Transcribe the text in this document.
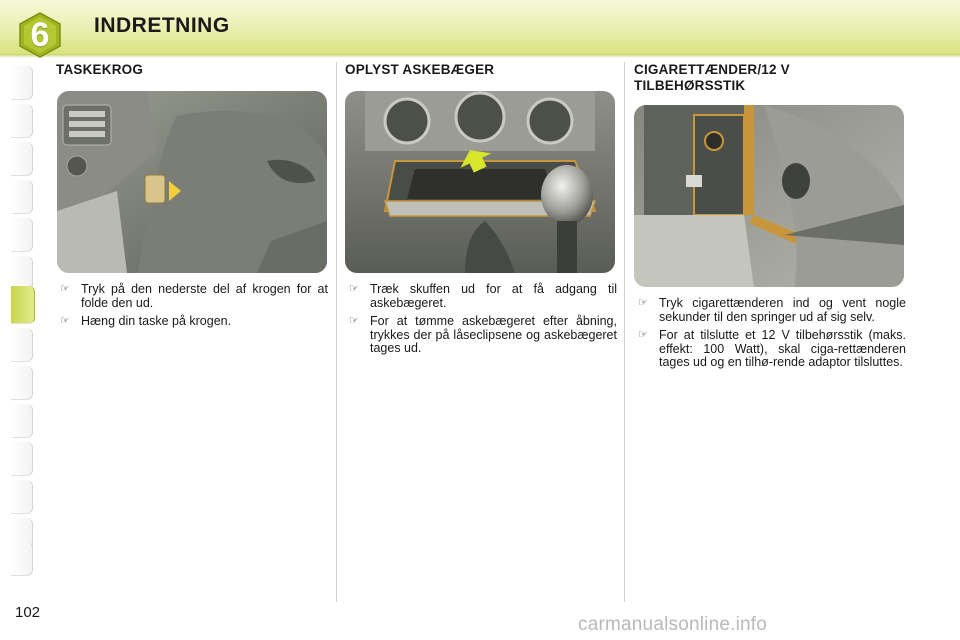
6	INDRETNING
TASKEKROG
☞ Tryk på den nederste del af krogen for at folde den ud.
☞ Hæng din taske på krogen.
OPLYST ASKEBÆGER
☞ Træk skuffen ud for at få adgang til askebægeret.
☞ For at tømme askebægeret efter åbning, trykkes der på låseclipsene og askebægeret tages ud.
CIGARETTÆNDER/12 V
TILBEHØRSSTIK
☞ Tryk cigarettænderen ind og vent nogle sekunder til den springer ud af sig selv.
☞ For at tilslutte et 12 V tilbehørsstik (maks. effekt: 100 Watt), skal ciga-rettænderen tages ud og en tilhø-rende adaptor tilsluttes.
102
carmanualsonline.info
